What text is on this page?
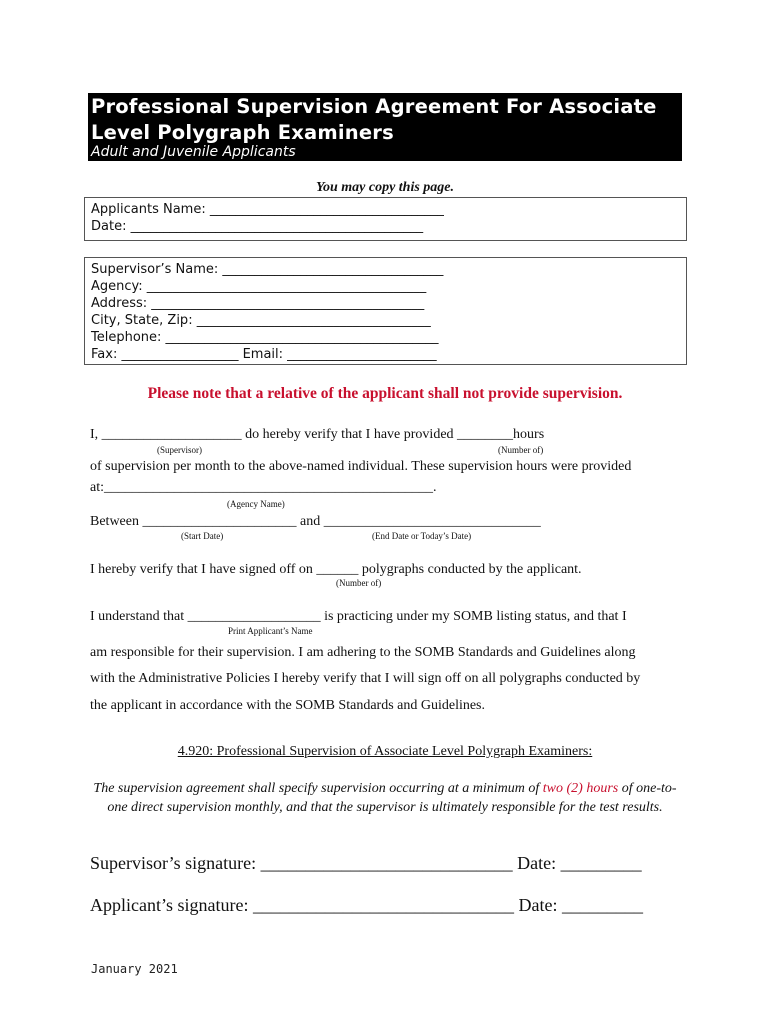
Professional Supervision Agreement For Associate
Level Polygraph Examiners
Adult and Juvenile Applicants
You may copy this page.
Applicants Name: ____________________________________
Date: _____________________________________________
Supervisor’s Name: __________________________________
Agency: ___________________________________________
Address: __________________________________________
City, State, Zip: ____________________________________
Telephone: __________________________________________
Fax: __________________ Email: _______________________
Please note that a relative of the applicant shall not provide supervision.
I, ____________________ do hereby verify that I have provided ________hours
(Supervisor)	(Number of)
of supervision per month to the above-named individual. These supervision hours were provided
at:_______________________________________________.
(Agency Name)
Between ______________________ and _______________________________
(Start Date)	(End Date or Today’s Date)
I hereby verify that I have signed off on ______ polygraphs conducted by the applicant.
(Number of)
I understand that ___________________ is practicing under my SOMB listing status, and that I
Print Applicant’s Name
am responsible for their supervision. I am adhering to the SOMB Standards and Guidelines along
with the Administrative Policies I hereby verify that I will sign off on all polygraphs conducted by
the applicant in accordance with the SOMB Standards and Guidelines.
4.920: Professional Supervision of Associate Level Polygraph Examiners:
The supervision agreement shall specify supervision occurring at a minimum of two (2) hours of one-to-one direct supervision monthly, and that the supervisor is ultimately responsible for the test results.
Supervisor’s signature: ____________________________ Date: _________
Applicant’s signature: _____________________________ Date: _________
January 2021
